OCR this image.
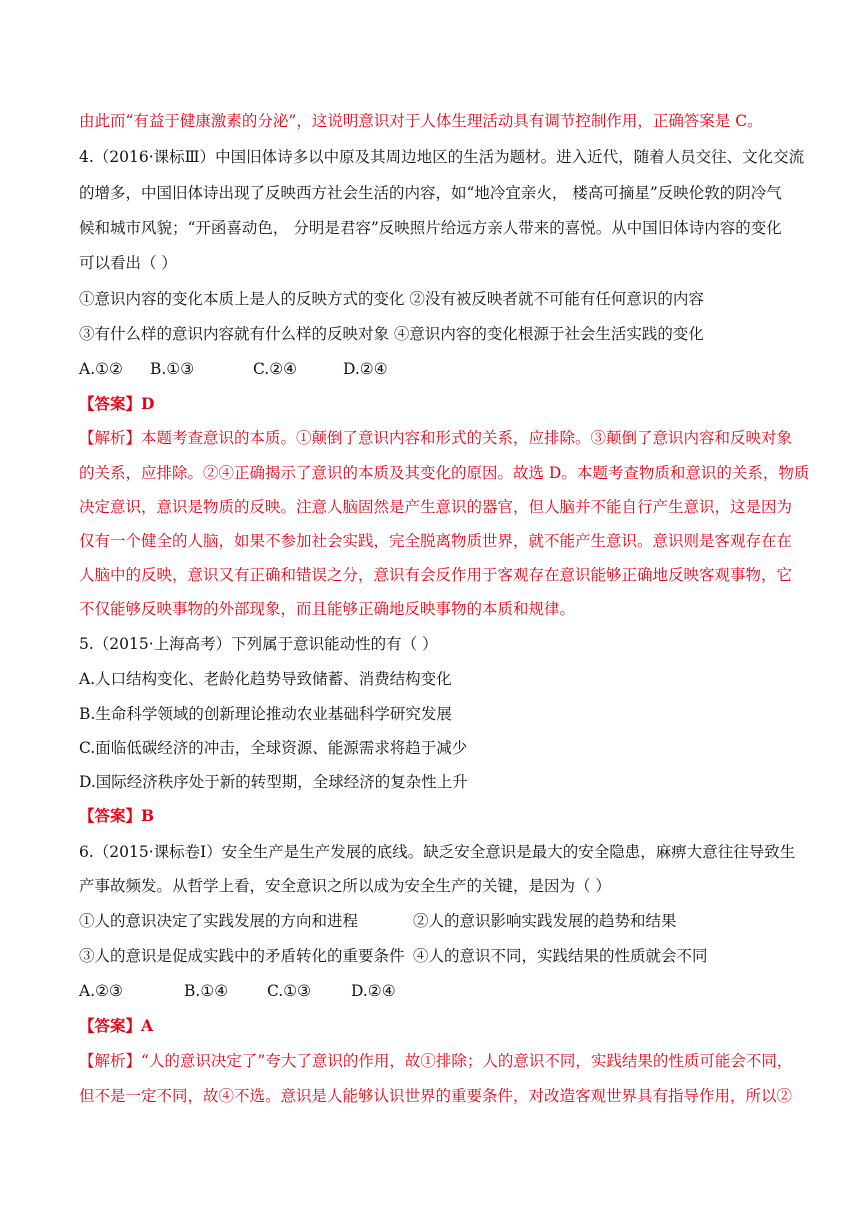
由此而“有益于健康激素的分泌”，这说明意识对于人体生理活动具有调节控制作用，正确答案是 C。

4.（2016·课标Ⅲ）中国旧体诗多以中原及其周边地区的生活为题材。进入近代，随着人员交往、文化交流

的增多，中国旧体诗出现了反映西方社会生活的内容，如“地冷宜亲火， 楼高可摘星”反映伦敦的阴冷气

候和城市风貌；“开函喜动色， 分明是君容”反映照片给远方亲人带来的喜悦。从中国旧体诗内容的变化

可以看出（ ）

①意识内容的变化本质上是人的反映方式的变化 ②没有被反映者就不可能有任何意识的内容

③有什么样的意识内容就有什么样的反映对象 ④意识内容的变化根源于社会生活实践的变化

A.①② B.①③	C.②④	D.②④

【答案】D

【解析】本题考查意识的本质。①颠倒了意识内容和形式的关系，应排除。③颠倒了意识内容和反映对象

的关系，应排除。②④正确揭示了意识的本质及其变化的原因。故选 D。本题考查物质和意识的关系，物质

决定意识，意识是物质的反映。注意人脑固然是产生意识的器官，但人脑并不能自行产生意识，这是因为

仅有一个健全的人脑，如果不参加社会实践，完全脱离物质世界，就不能产生意识。意识则是客观存在在

人脑中的反映，意识又有正确和错误之分，意识有会反作用于客观存在意识能够正确地反映客观事物，它

不仅能够反映事物的外部现象，而且能够正确地反映事物的本质和规律。

5.（2015·上海高考）下列属于意识能动性的有（ ）

A.人口结构变化、老龄化趋势导致储蓄、消费结构变化

B.生命科学领域的创新理论推动农业基础科学研究发展

C.面临低碳经济的冲击，全球资源、能源需求将趋于减少

D.国际经济秩序处于新的转型期，全球经济的复杂性上升

【答案】B

6.（2015·课标卷Ⅰ）安全生产是生产发展的底线。缺乏安全意识是最大的安全隐患，麻痹大意往往导致生

产事故频发。从哲学上看，安全意识之所以成为安全生产的关键，是因为（ ）

①人的意识决定了实践发展的方向和进程	②人的意识影响实践发展的趋势和结果
③人的意识是促成实践中的矛盾转化的重要条件 ④人的意识不同，实践结果的性质就会不同
A.②③	B.①④	C.①③	D.②④

【答案】A

【解析】“人的意识决定了”夸大了意识的作用，故①排除；人的意识不同，实践结果的性质可能会不同，

但不是一定不同，故④不选。意识是人能够认识世界的重要条件，对改造客观世界具有指导作用，所以②
